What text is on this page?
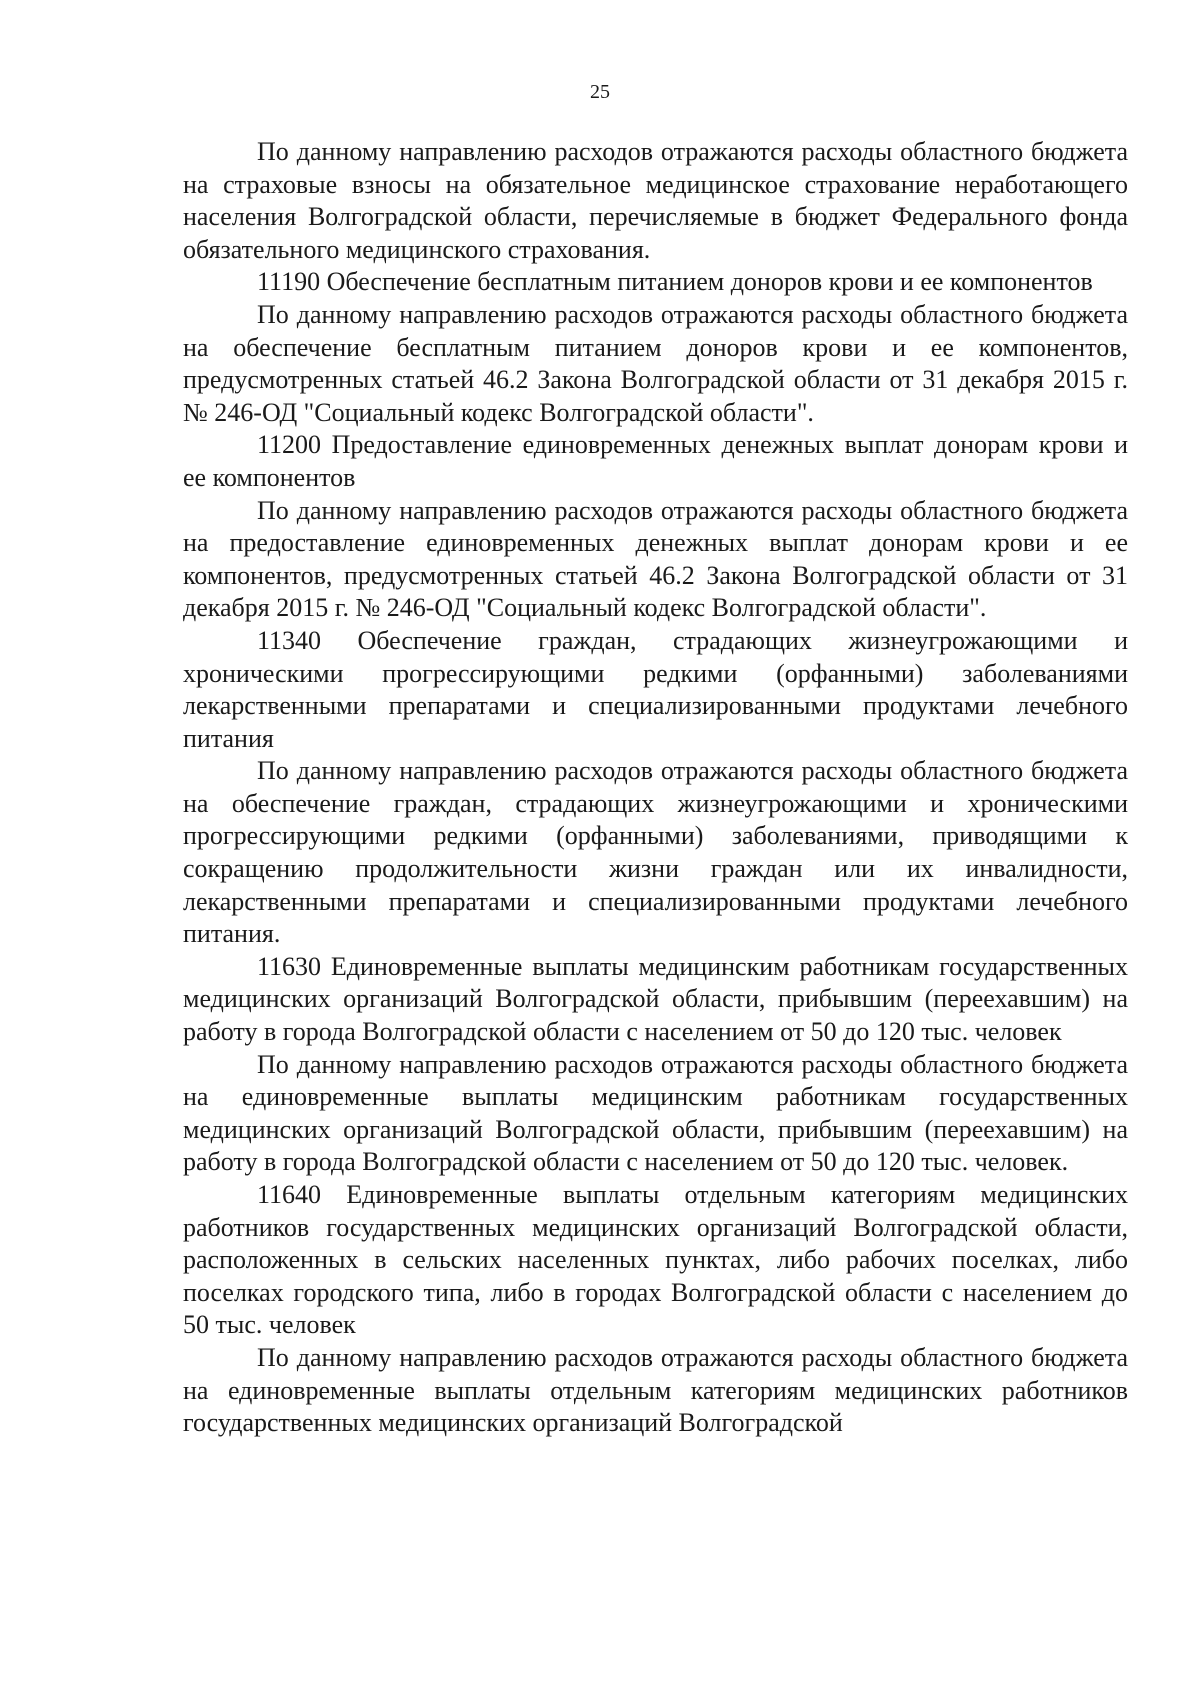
25

По данному направлению расходов отражаются расходы областного бюджета на страховые взносы на обязательное медицинское страхование неработающего населения Волгоградской области, перечисляемые в бюджет Федерального фонда обязательного медицинского страхования.

11190 Обеспечение бесплатным питанием доноров крови и ее компонентов

По данному направлению расходов отражаются расходы областного бюджета на обеспечение бесплатным питанием доноров крови и ее компонентов, предусмотренных статьей 46.2 Закона Волгоградской области от 31 декабря 2015 г. № 246-ОД "Социальный кодекс Волгоградской области".

11200 Предоставление единовременных денежных выплат донорам крови и ее компонентов

По данному направлению расходов отражаются расходы областного бюджета на предоставление единовременных денежных выплат донорам крови и ее компонентов, предусмотренных статьей 46.2 Закона Волгоградской области от 31 декабря 2015 г. № 246-ОД "Социальный кодекс Волгоградской области".

11340 Обеспечение граждан, страдающих жизнеугрожающими и хроническими прогрессирующими редкими (орфанными) заболеваниями лекарственными препаратами и специализированными продуктами лечебного питания

По данному направлению расходов отражаются расходы областного бюджета на обеспечение граждан, страдающих жизнеугрожающими и хроническими прогрессирующими редкими (орфанными) заболеваниями, приводящими к сокращению продолжительности жизни граждан или их инвалидности, лекарственными препаратами и специализированными продуктами лечебного питания.

11630 Единовременные выплаты медицинским работникам государственных медицинских организаций Волгоградской области, прибывшим (переехавшим) на работу в города Волгоградской области с населением от 50 до 120 тыс. человек

По данному направлению расходов отражаются расходы областного бюджета на единовременные выплаты медицинским работникам государственных медицинских организаций Волгоградской области, прибывшим (переехавшим) на работу в города Волгоградской области с населением от 50 до 120 тыс. человек.

11640 Единовременные выплаты отдельным категориям медицинских работников государственных медицинских организаций Волгоградской области, расположенных в сельских населенных пунктах, либо рабочих поселках, либо поселках городского типа, либо в городах Волгоградской области с населением до 50 тыс. человек

По данному направлению расходов отражаются расходы областного бюджета на единовременные выплаты отдельным категориям медицинских работников государственных медицинских организаций Волгоградской
